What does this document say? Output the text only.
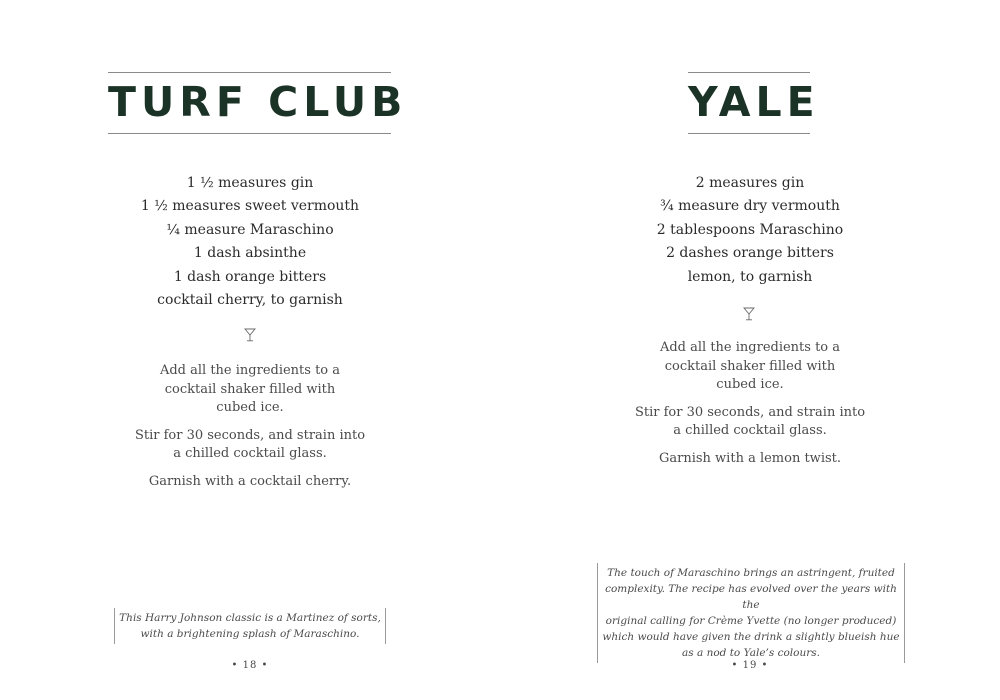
TURF CLUB
1 ½ measures gin
1 ½ measures sweet vermouth
¼ measure Maraschino
1 dash absinthe
1 dash orange bitters
cocktail cherry, to garnish

Add all the ingredients to a
cocktail shaker filled with
cubed ice.

Stir for 30 seconds, and strain into
a chilled cocktail glass.

Garnish with a cocktail cherry.

This Harry Johnson classic is a Martinez of sorts,
with a brightening splash of Maraschino.
• 18 •
YALE
2 measures gin
¾ measure dry vermouth
2 tablespoons Maraschino
2 dashes orange bitters
lemon, to garnish

Add all the ingredients to a
cocktail shaker filled with
cubed ice.

Stir for 30 seconds, and strain into
a chilled cocktail glass.

Garnish with a lemon twist.

The touch of Maraschino brings an astringent, fruited
complexity. The recipe has evolved over the years with the
original calling for Crème Yvette (no longer produced)
which would have given the drink a slightly blueish hue
as a nod to Yale’s colours.
• 19 •
